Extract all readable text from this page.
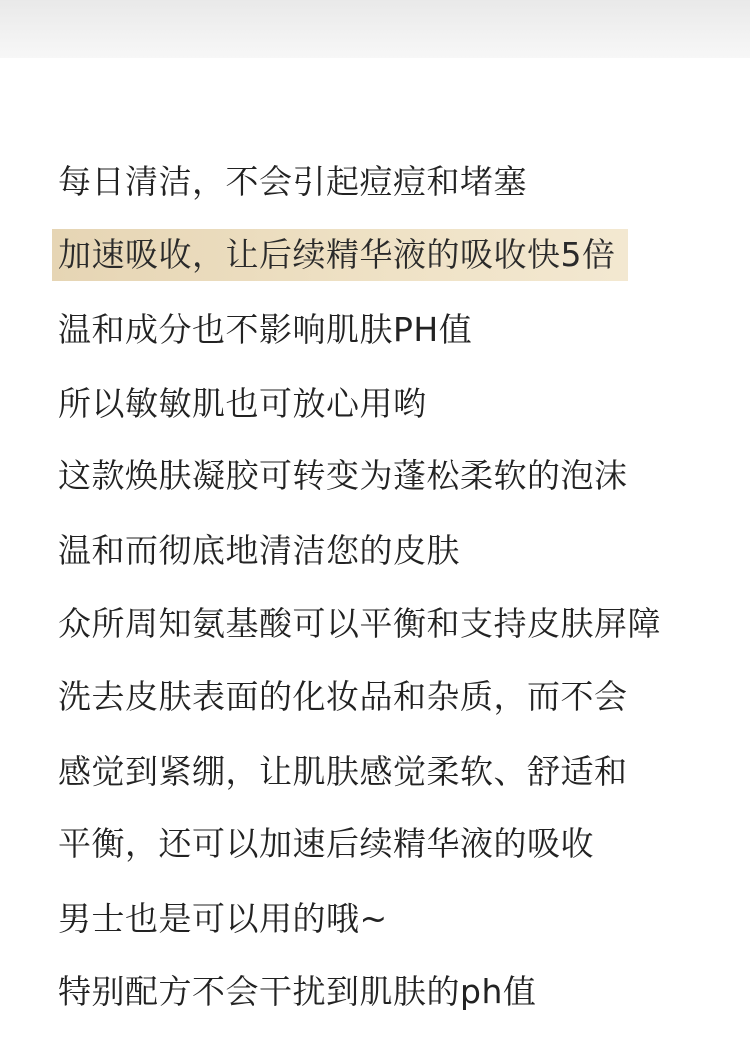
每日清洁，不会引起痘痘和堵塞
加速吸收，让后续精华液的吸收快5倍
温和成分也不影响肌肤PH值
所以敏敏肌也可放心用哟
这款焕肤凝胶可转变为蓬松柔软的泡沫
温和而彻底地清洁您的皮肤
众所周知氨基酸可以平衡和支持皮肤屏障
洗去皮肤表面的化妆品和杂质，而不会
感觉到紧绷，让肌肤感觉柔软、舒适和
平衡，还可以加速后续精华液的吸收
男士也是可以用的哦~
特别配方不会干扰到肌肤的ph值
